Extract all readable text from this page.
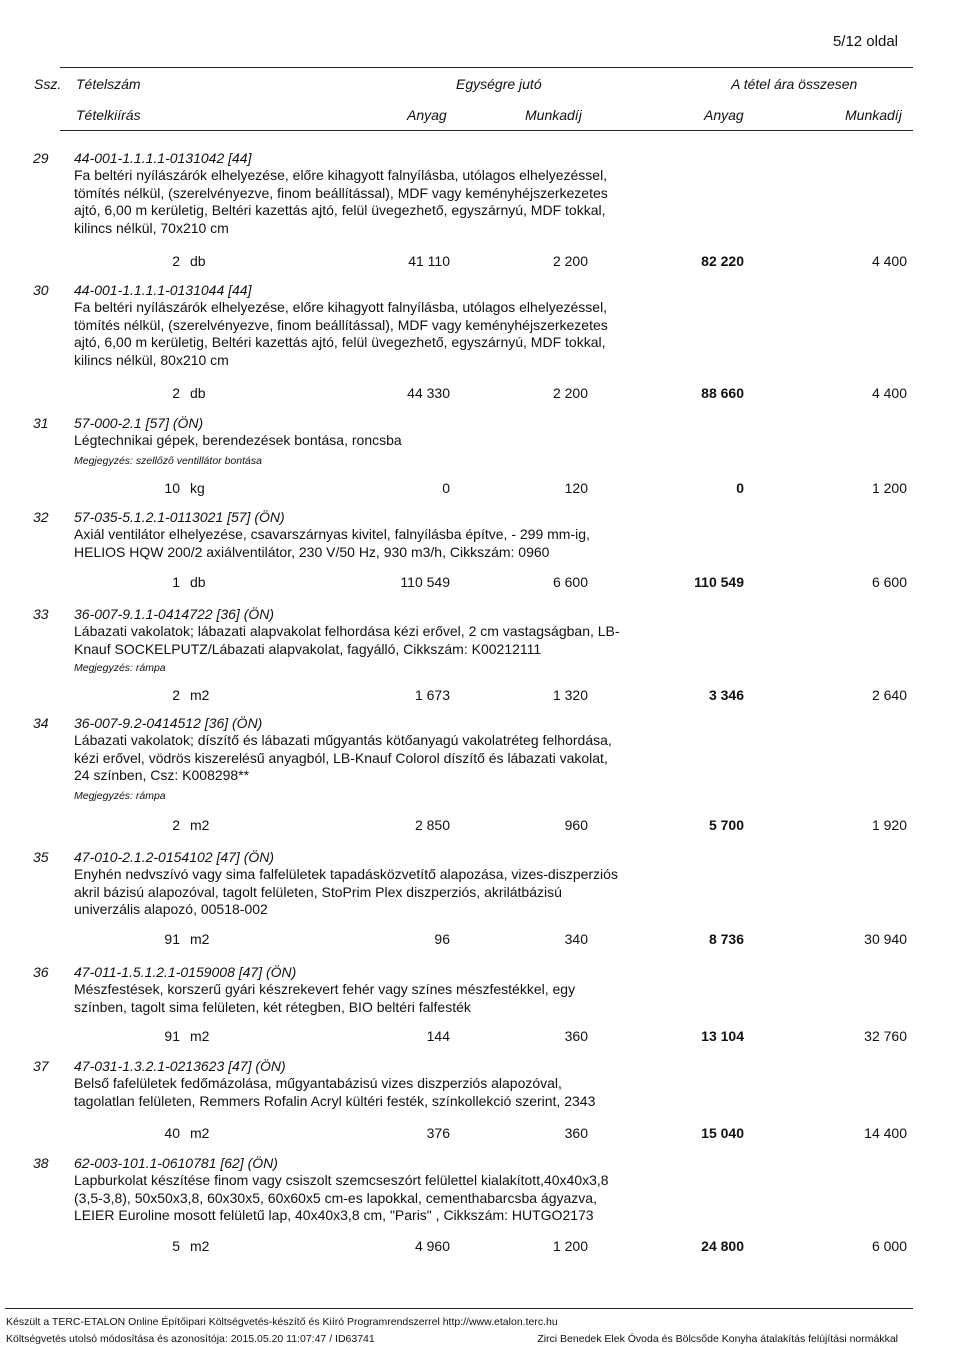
5/12 oldal
Ssz. Tételszám	Egységre jutó	A tétel ára összesen
Tételkiírás	Anyag	Munkadíj	Anyag	Munkadíj
29 44-001-1.1.1.1-0131042 [44]
Fa beltéri nyílászárók elhelyezése, előre kihagyott falnyílásba, utólagos elhelyezéssel,
tömítés nélkül, (szerelvényezve, finom beállítással), MDF vagy keményhéjszerkezetes
ajtó, 6,00 m kerületig, Beltéri kazettás ajtó, felül üvegezhető, egyszárnyú, MDF tokkal,
kilincs nélkül, 70x210 cm
2 db	41 110	2 200	82 220	4 400
30 44-001-1.1.1.1-0131044 [44]
Fa beltéri nyílászárók elhelyezése, előre kihagyott falnyílásba, utólagos elhelyezéssel,
tömítés nélkül, (szerelvényezve, finom beállítással), MDF vagy keményhéjszerkezetes
ajtó, 6,00 m kerületig, Beltéri kazettás ajtó, felül üvegezhető, egyszárnyú, MDF tokkal,
kilincs nélkül, 80x210 cm
2 db	44 330	2 200	88 660	4 400
31 57-000-2.1 [57] (ÖN)
Légtechnikai gépek, berendezések bontása, roncsba
Megjegyzés: szellőző ventillátor bontása
10 kg	0	120	0	1 200
32 57-035-5.1.2.1-0113021 [57] (ÖN)
Axiál ventilátor elhelyezése, csavarszárnyas kivitel, falnyílásba építve, - 299 mm-ig,
HELIOS HQW 200/2 axiálventilátor, 230 V/50 Hz, 930 m3/h, Cikkszám: 0960
1 db	110 549	6 600	110 549	6 600
33 36-007-9.1.1-0414722 [36] (ÖN)
Lábazati vakolatok; lábazati alapvakolat felhordása kézi erővel, 2 cm vastagságban, LB-
Knauf SOCKELPUTZ/Lábazati alapvakolat, fagyálló, Cikkszám: K00212111
Megjegyzés: rámpa
2 m2	1 673	1 320	3 346	2 640
34 36-007-9.2-0414512 [36] (ÖN)
Lábazati vakolatok; díszítő és lábazati műgyantás kötőanyagú vakolatréteg felhordása,
kézi erővel, vödrös kiszerelésű anyagból, LB-Knauf Colorol díszítő és lábazati vakolat,
24 színben, Csz: K008298**
Megjegyzés: rámpa
2 m2	2 850	960	5 700	1 920
35 47-010-2.1.2-0154102 [47] (ÖN)
Enyhén nedvszívó vagy sima falfelületek tapadásközvetítő alapozása, vizes-diszperziós
akril bázisú alapozóval, tagolt felületen, StoPrim Plex diszperziós, akrilátbázisú
univerzális alapozó, 00518-002
91 m2	96	340	8 736	30 940
36 47-011-1.5.1.2.1-0159008 [47] (ÖN)
Mészfestések, korszerű gyári készrekevert fehér vagy színes mészfestékkel, egy
színben, tagolt sima felületen, két rétegben, BIO beltéri falfesték
91 m2	144	360	13 104	32 760
37 47-031-1.3.2.1-0213623 [47] (ÖN)
Belső fafelületek fedőmázolása, műgyantabázisú vizes diszperziós alapozóval,
tagolatlan felületen, Remmers Rofalin Acryl kültéri festék, színkollekció szerint, 2343
40 m2	376	360	15 040	14 400
38 62-003-101.1-0610781 [62] (ÖN)
Lapburkolat készítése finom vagy csiszolt szemcseszórt felülettel kialakított,40x40x3,8
(3,5-3,8), 50x50x3,8, 60x30x5, 60x60x5 cm-es lapokkal, cementhabarcsba ágyazva,
LEIER Euroline mosott felületű lap, 40x40x3,8 cm, "Paris" , Cikkszám: HUTGO2173
5 m2	4 960	1 200	24 800	6 000
Készült a TERC-ETALON Online Építőipari Költségvetés-készítő és Kiíró Programrendszerrel http://www.etalon.terc.hu
Költségvetés utolsó módosítása és azonosítója: 2015.05.20 11:07:47 / ID63741	Zirci Benedek Elek Óvoda és Bölcsőde Konyha átalakítás felújítási normákkal
